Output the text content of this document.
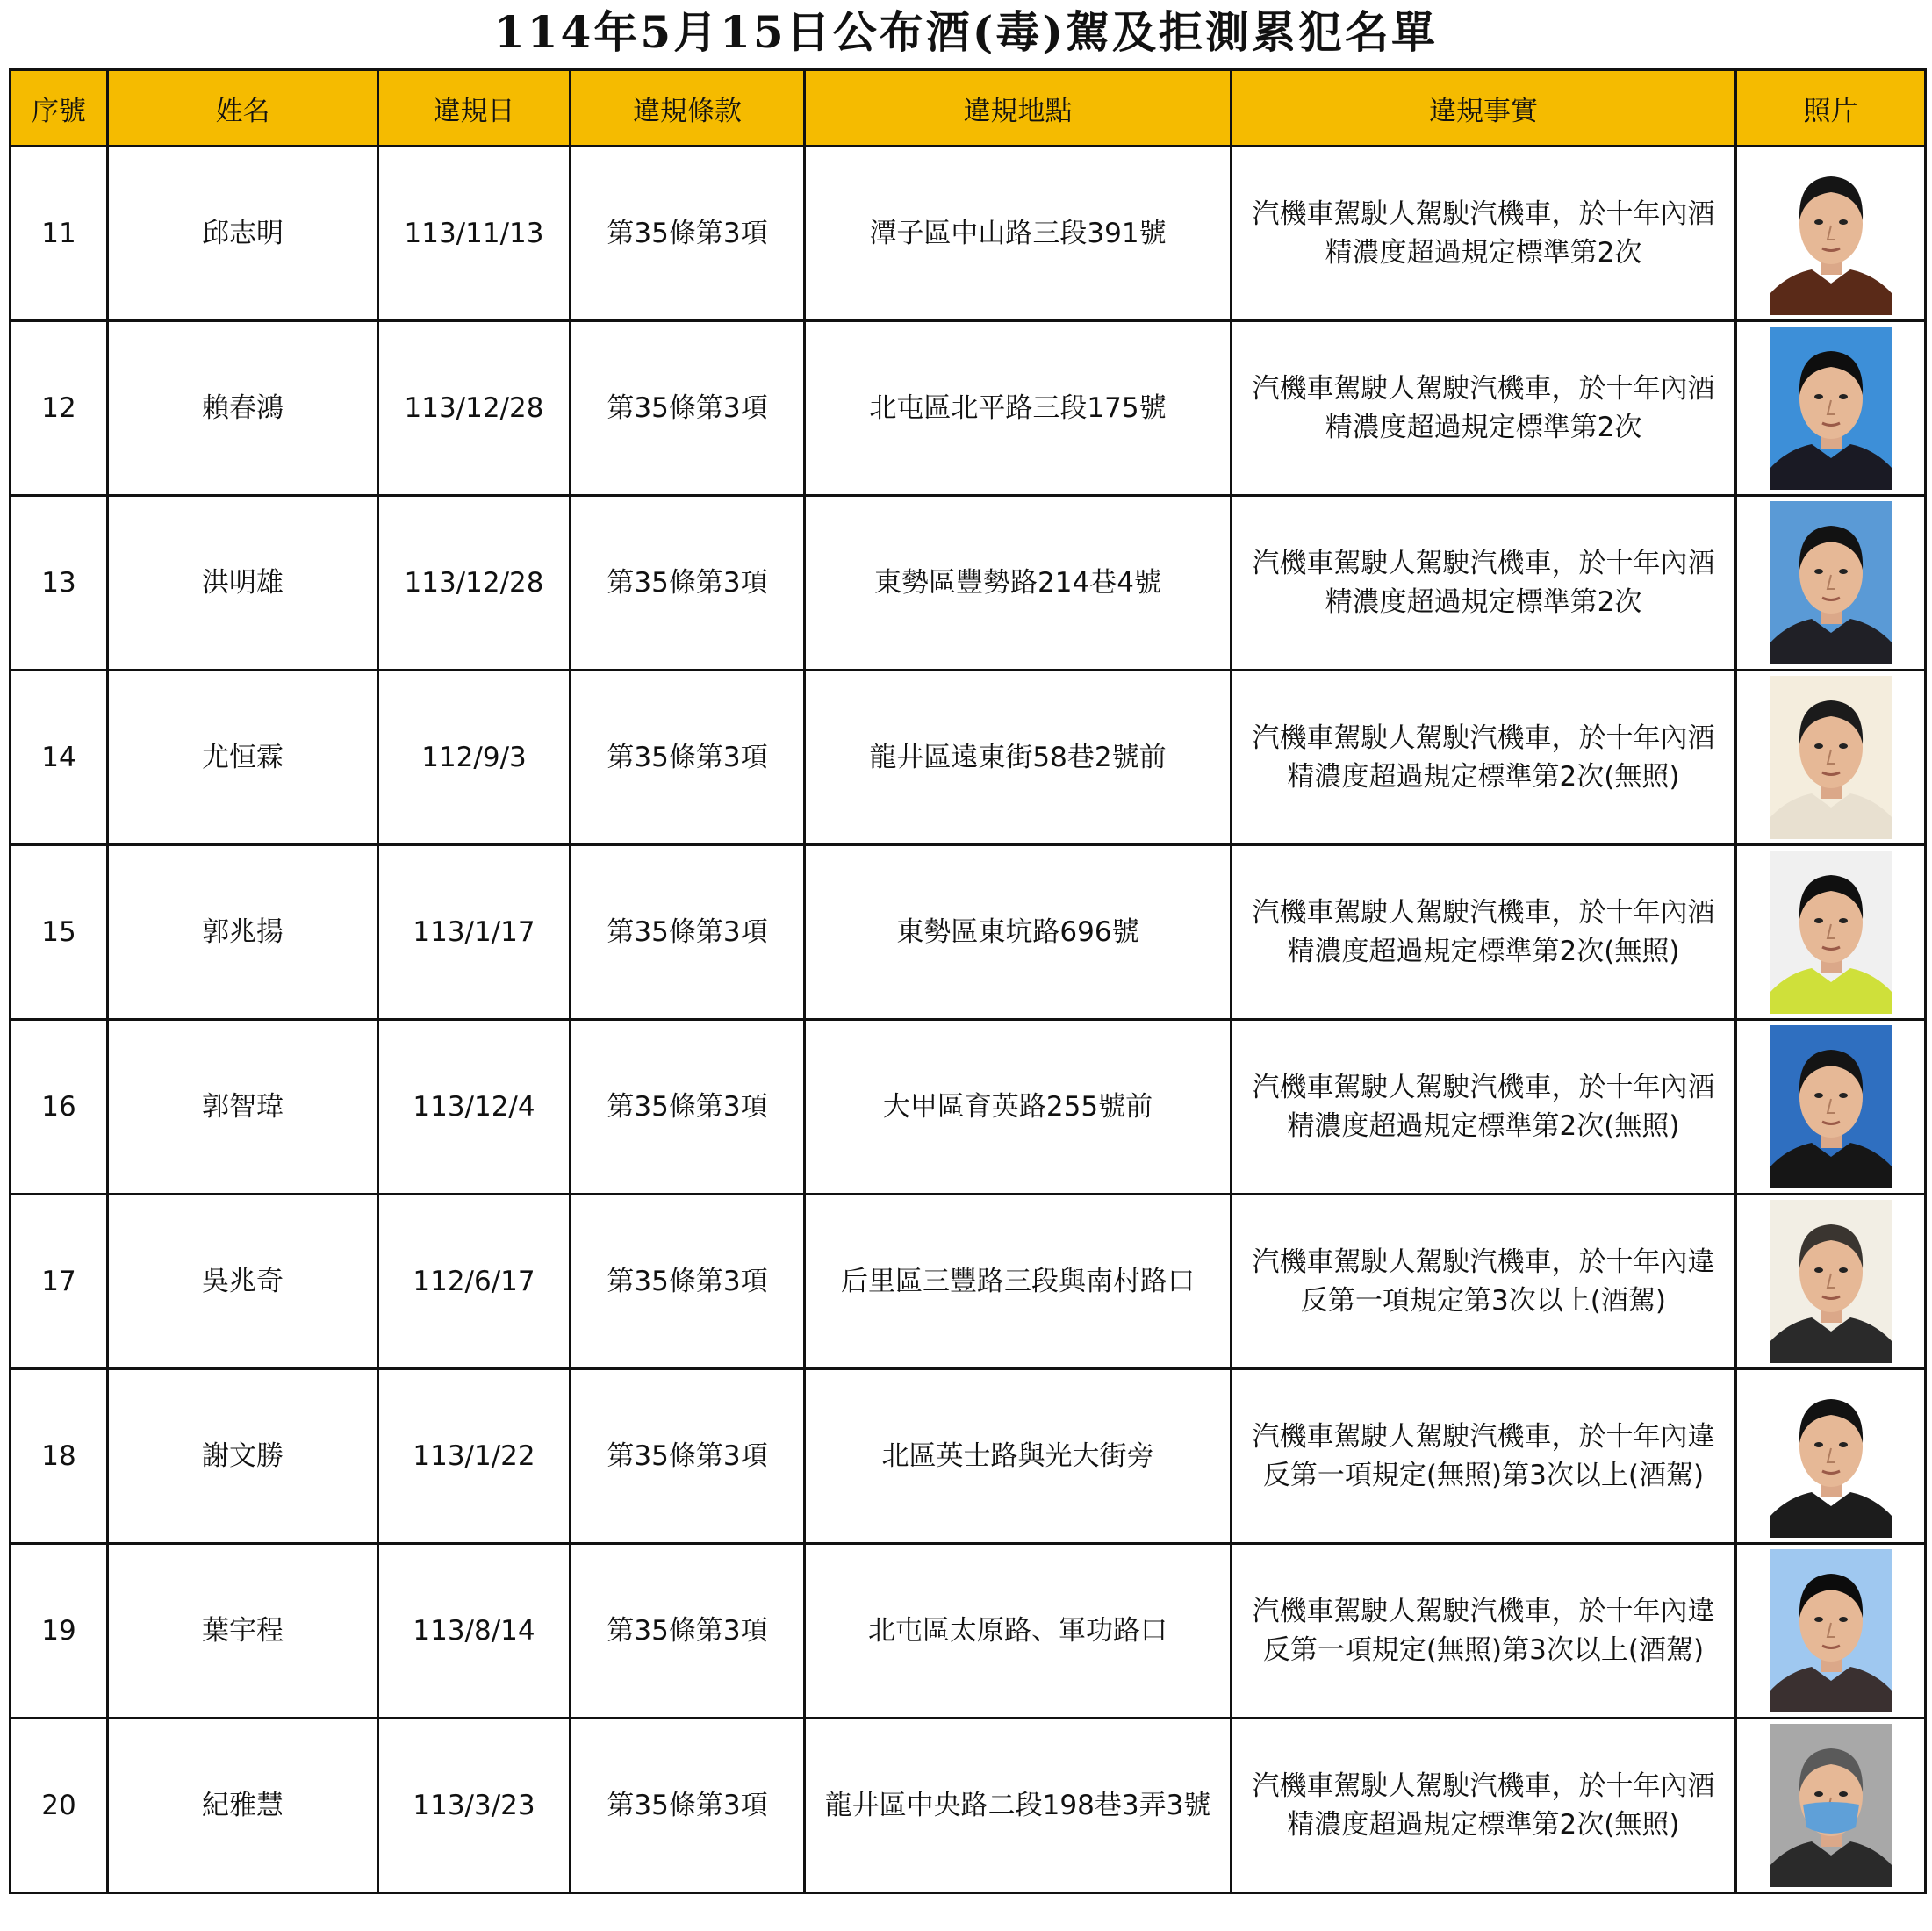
114年5月15日公布酒(毒)駕及拒測累犯名單
序號	姓名	違規日	違規條款	違規地點	違規事實	照片
11	邱志明	113/11/13	第35條第3項	潭子區中山路三段391號	汽機車駕駛人駕駛汽機車，於十年內酒精濃度超過規定標準第2次	

12	賴春鴻	113/12/28	第35條第3項	北屯區北平路三段175號	汽機車駕駛人駕駛汽機車，於十年內酒精濃度超過規定標準第2次	

13	洪明雄	113/12/28	第35條第3項	東勢區豐勢路214巷4號	汽機車駕駛人駕駛汽機車，於十年內酒精濃度超過規定標準第2次	

14	尤恒霖	112/9/3	第35條第3項	龍井區遠東街58巷2號前	汽機車駕駛人駕駛汽機車，於十年內酒精濃度超過規定標準第2次(無照)	

15	郭兆揚	113/1/17	第35條第3項	東勢區東坑路696號	汽機車駕駛人駕駛汽機車，於十年內酒精濃度超過規定標準第2次(無照)	

16	郭智瑋	113/12/4	第35條第3項	大甲區育英路255號前	汽機車駕駛人駕駛汽機車，於十年內酒精濃度超過規定標準第2次(無照)	

17	吳兆奇	112/6/17	第35條第3項	后里區三豐路三段與南村路口	汽機車駕駛人駕駛汽機車，於十年內違反第一項規定第3次以上(酒駕)	

18	謝文勝	113/1/22	第35條第3項	北區英士路與光大街旁	汽機車駕駛人駕駛汽機車，於十年內違反第一項規定(無照)第3次以上(酒駕)	

19	葉宇程	113/8/14	第35條第3項	北屯區太原路、軍功路口	汽機車駕駛人駕駛汽機車，於十年內違反第一項規定(無照)第3次以上(酒駕)	

20	紀雅慧	113/3/23	第35條第3項	龍井區中央路二段198巷3弄3號	汽機車駕駛人駕駛汽機車，於十年內酒精濃度超過規定標準第2次(無照)	
